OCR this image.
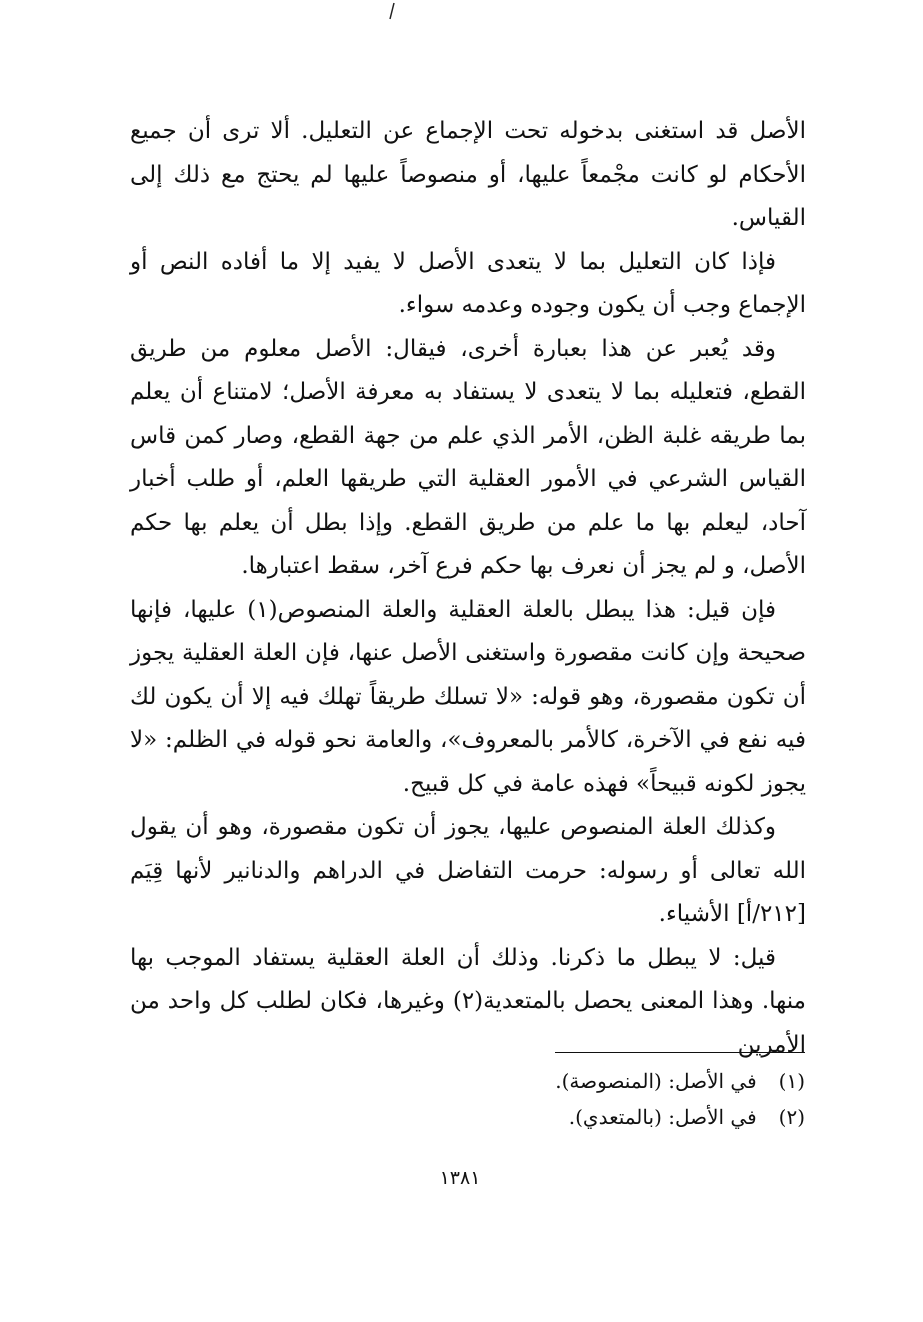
الأصل قد استغنى بدخوله تحت الإجماع عن التعليل. ألا ترى أن جميع الأحكام لو كانت مجْمعاً عليها، أو منصوصاً عليها لم يحتج مع ذلك إلى القياس.

فإذا كان التعليل بما لا يتعدى الأصل لا يفيد إلا ما أفاده النص أو الإجماع وجب أن يكون وجوده وعدمه سواء.

وقد يُعبر عن هذا بعبارة أخرى، فيقال: الأصل معلوم من طريق القطع، فتعليله بما لا يتعدى لا يستفاد به معرفة الأصل؛ لامتناع أن يعلم بما طريقه غلبة الظن، الأمر الذي علم من جهة القطع، وصار كمن قاس القياس الشرعي في الأمور العقلية التي طريقها العلم، أو طلب أخبار آحاد، ليعلم بها ما علم من طريق القطع. وإذا بطل أن يعلم بها حكم الأصل، و لم يجز أن نعرف بها حكم فرع آخر، سقط اعتبارها.

فإن قيل: هذا يبطل بالعلة العقلية والعلة المنصوص(١) عليها، فإنها صحيحة وإن كانت مقصورة واستغنى الأصل عنها، فإن العلة العقلية يجوز أن تكون مقصورة، وهو قوله: «لا تسلك طريقاً تهلك فيه إلا أن يكون لك فيه نفع في الآخرة، كالأمر بالمعروف»، والعامة نحو قوله في الظلم: «لا يجوز لكونه قبيحاً» فهذه عامة في كل قبيح.

وكذلك العلة المنصوص عليها، يجوز أن تكون مقصورة، وهو أن يقول الله تعالى أو رسوله: حرمت التفاضل في الدراهم والدنانير لأنها قِيَم [٢١٢/أ] الأشياء.

قيل: لا يبطل ما ذكرنا. وذلك أن العلة العقلية يستفاد الموجب بها منها. وهذا المعنى يحصل بالمتعدية(٢) وغيرها، فكان لطلب كل واحد من الأمرين

(١) في الأصل: (المنصوصة).
(٢) في الأصل: (بالمتعدي).
١٣٨١
